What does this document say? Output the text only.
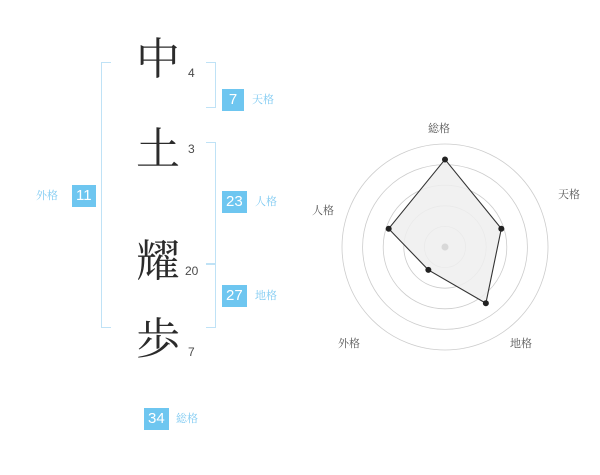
中
土
耀
歩
4
3
20
7
7	天格
23	人格
27	地格
外格 11
34	総格
総格
天格
地格
外格
人格
